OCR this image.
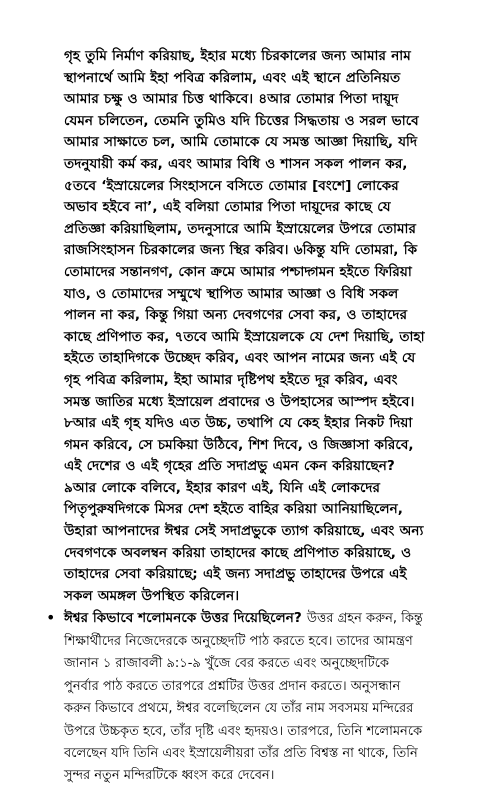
গৃহ তুমি নির্মাণ করিয়াছ, ইহার মধ্যে চিরকালের জন্য আমার নাম স্থাপনার্থে আমি ইহা পবিত্র করিলাম, এবং এই স্থানে প্রতিনিয়ত আমার চক্ষু ও আমার চিত্ত থাকিবে। ৪আর তোমার পিতা দায়ূদ যেমন চলিতেন, তেমনি তুমিও যদি চিত্তের সিদ্ধতায় ও সরল ভাবে আমার সাক্ষাতে চল, আমি তোমাকে যে সমস্ত আজ্ঞা দিয়াছি, যদি তদনুযায়ী কর্ম কর, এবং আমার বিধি ও শাসন সকল পালন কর, ৫তবে ‘ইস্রায়েলের সিংহাসনে বসিতে তোমার [বংশে] লোকের অভাব হইবে না’, এই বলিয়া তোমার পিতা দায়ূদের কাছে যে প্রতিজ্ঞা করিয়াছিলাম, তদনুসারে আমি ইস্রায়েলের উপরে তোমার রাজসিংহাসন চিরকালের জন্য স্থির করিব। ৬কিন্তু যদি তোমরা, কি তোমাদের সন্তানগণ, কোন ক্রমে আমার পশ্চাদ্গমন হইতে ফিরিয়া যাও, ও তোমাদের সম্মুখে স্থাপিত আমার আজ্ঞা ও বিধি সকল পালন না কর, কিন্তু গিয়া অন্য দেবগণের সেবা কর, ও তাহাদের কাছে প্রণিপাত কর, ৭তবে আমি ইস্রায়েলকে যে দেশ দিয়াছি, তাহা হইতে তাহাদিগকে উচ্ছেদ করিব, এবং আপন নামের জন্য এই যে গৃহ পবিত্র করিলাম, ইহা আমার দৃষ্টিপথ হইতে দূর করিব, এবং সমস্ত জাতির মধ্যে ইস্রায়েল প্রবাদের ও উপহাসের আস্পদ হইবে। ৮আর এই গৃহ যদিও এত উচ্চ, তথাপি যে কেহ ইহার নিকট দিয়া গমন করিবে, সে চমকিয়া উঠিবে, শিশ দিবে, ও জিজ্ঞাসা করিবে, এই দেশের ও এই গৃহের প্রতি সদাপ্রভু এমন কেন করিয়াছেন? ৯আর লোকে বলিবে, ইহার কারণ এই, যিনি এই লোকদের পিতৃপুরুষদিগকে মিসর দেশ হইতে বাহির করিয়া আনিয়াছিলেন, উহারা আপনাদের ঈশ্বর সেই সদাপ্রভুকে ত্যাগ করিয়াছে, এবং অন্য দেবগণকে অবলম্বন করিয়া তাহাদের কাছে প্রণিপাত করিয়াছে, ও তাহাদের সেবা করিয়াছে; এই জন্য সদাপ্রভু তাহাদের উপরে এই সকল অমঙ্গল উপস্থিত করিলেন।

• ঈশ্বর কিভাবে শলোমনকে উত্তর দিয়েছিলেন? উত্তর গ্রহন করুন, কিন্তু শিক্ষার্থীদের নিজেদেরকে অনুচ্ছেদটি পাঠ করতে হবে। তাদের আমন্ত্রণ জানান ১ রাজাবলী ৯:১-৯ খুঁজে বের করতে এবং অনুচ্ছেদটিকে পুনর্বার পাঠ করতে তারপরে প্রশ্নটির উত্তর প্রদান করতে। অনুসন্ধান করুন কিভাবে প্রথমে, ঈশ্বর বলেছিলেন যে তাঁর নাম সবসময় মন্দিরের উপরে উচ্চকৃত হবে, তাঁর দৃষ্টি এবং হৃদয়ও। তারপরে, তিনি শলোমনকে বলেছেন যদি তিনি এবং ইস্রায়েলীয়রা তাঁর প্রতি বিশ্বস্ত না থাকে, তিনি সুন্দর নতুন মন্দিরটিকে ধ্বংস করে দেবেন।
